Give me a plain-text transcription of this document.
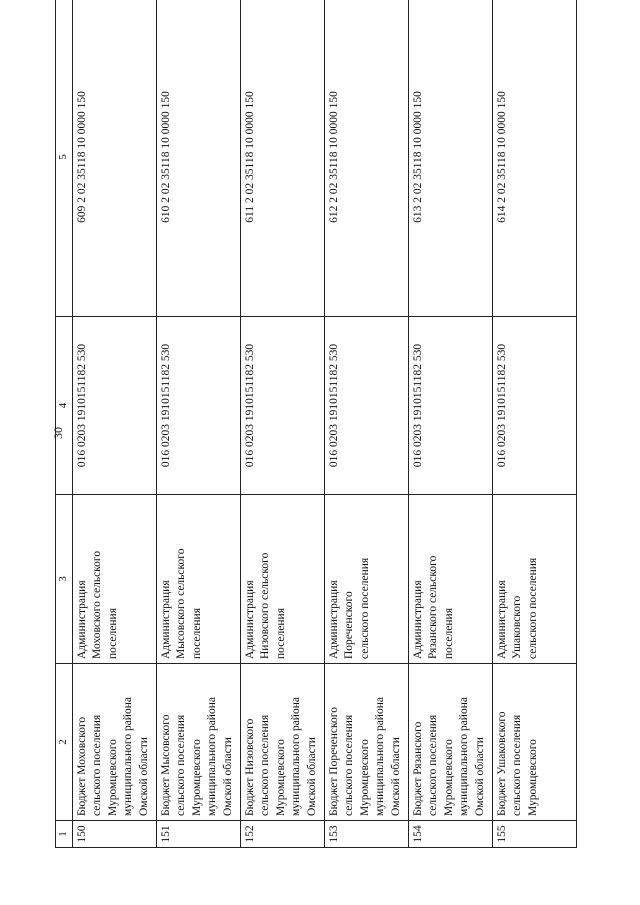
30
1	2	3	4	5
150	Бюджет Моховского
сельского поселения
Муромцевского
муниципального района
Омской области	Администрация
Моховского сельского
поселения	016 0203 1910151182 530	609 2 02 35118 10 0000 150
151	Бюджет Мысовского
сельского поселения
Муромцевского
муниципального района
Омской области	Администрация
Мысовского сельского
поселения	016 0203 1910151182 530	610 2 02 35118 10 0000 150
152	Бюджет Низовского
сельского поселения
Муромцевского
муниципального района
Омской области	Администрация
Низовского сельского
поселения	016 0203 1910151182 530	611 2 02 35118 10 0000 150
153	Бюджет Пореченского
сельского поселения
Муромцевского
муниципального района
Омской области	Администрация
Пореченского
сельского поселения	016 0203 1910151182 530	612 2 02 35118 10 0000 150
154	Бюджет Рязанского
сельского поселения
Муромцевского
муниципального района
Омской области	Администрация
Рязанского сельского
поселения	016 0203 1910151182 530	613 2 02 35118 10 0000 150
155	Бюджет Ушаковского
сельского поселения
Муромцевского	Администрация
Ушаковского
сельского поселения	016 0203 1910151182 530	614 2 02 35118 10 0000 150
